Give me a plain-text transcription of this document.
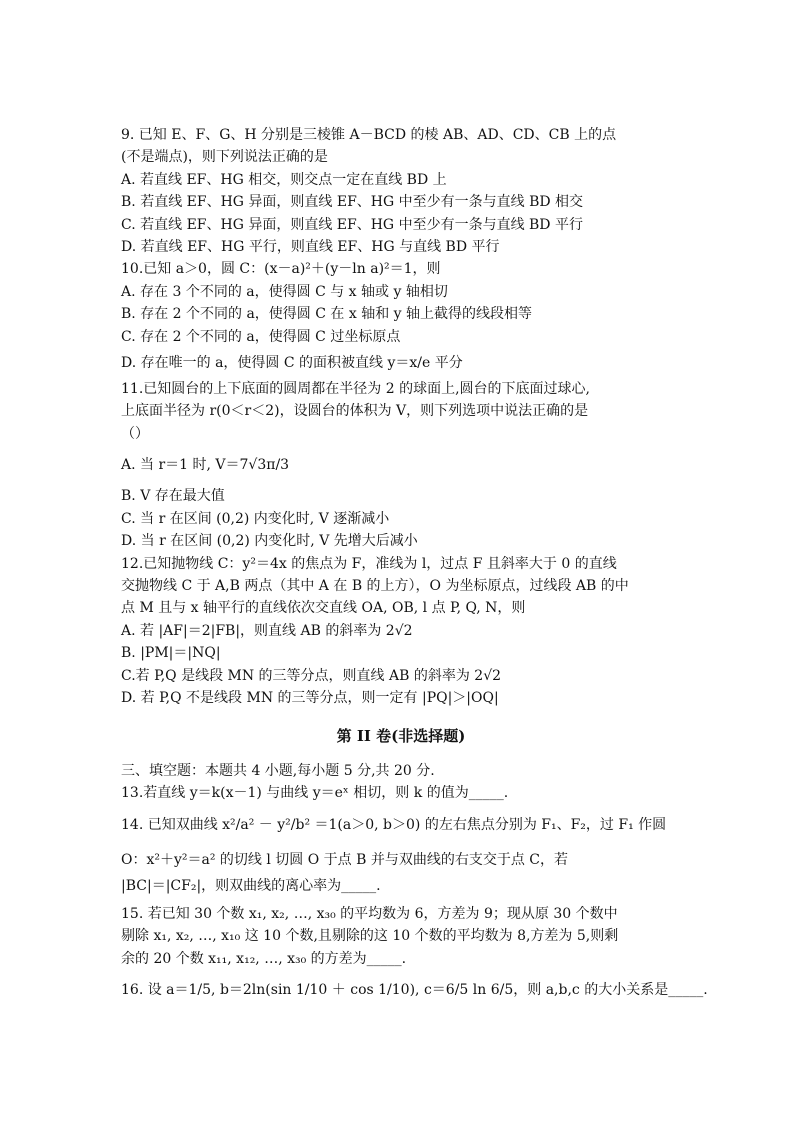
9. 已知 E、F、G、H 分别是三棱锥 A－BCD 的棱 AB、AD、CD、CB 上的点
(不是端点)，则下列说法正确的是
A. 若直线 EF、HG 相交，则交点一定在直线 BD 上
B. 若直线 EF、HG 异面，则直线 EF、HG 中至少有一条与直线 BD 相交
C. 若直线 EF、HG 异面，则直线 EF、HG 中至少有一条与直线 BD 平行
D. 若直线 EF、HG 平行，则直线 EF、HG 与直线 BD 平行
10.已知 a＞0，圆 C：(x－a)²＋(y－ln a)²＝1，则
A. 存在 3 个不同的 a，使得圆 C 与 x 轴或 y 轴相切
B. 存在 2 个不同的 a，使得圆 C 在 x 轴和 y 轴上截得的线段相等
C. 存在 2 个不同的 a，使得圆 C 过坐标原点
D. 存在唯一的 a，使得圆 C 的面积被直线 y＝x/e 平分
11.已知圆台的上下底面的圆周都在半径为 2 的球面上,圆台的下底面过球心,
上底面半径为 r(0＜r＜2)，设圆台的体积为 V，则下列选项中说法正确的是
（）
A. 当 r＝1 时, V＝7√3π/3
B. V 存在最大值
C. 当 r 在区间 (0,2) 内变化时, V 逐渐减小
D. 当 r 在区间 (0,2) 内变化时, V 先增大后减小
12.已知抛物线 C：y²＝4x 的焦点为 F，准线为 l，过点 F 且斜率大于 0 的直线
交抛物线 C 于 A,B 两点（其中 A 在 B 的上方），O 为坐标原点，过线段 AB 的中
点 M 且与 x 轴平行的直线依次交直线 OA, OB, l 点 P, Q, N，则
A. 若 |AF|＝2|FB|，则直线 AB 的斜率为 2√2
B. |PM|＝|NQ|
C.若 P,Q 是线段 MN 的三等分点，则直线 AB 的斜率为 2√2
D. 若 P,Q 不是线段 MN 的三等分点，则一定有 |PQ|＞|OQ|
第 II 卷(非选择题)
三、填空题：本题共 4 小题,每小题 5 分,共 20 分.
13.若直线 y＝k(x－1) 与曲线 y＝eˣ 相切，则 k 的值为_____.
14. 已知双曲线 x²/a² － y²/b² ＝1(a＞0, b＞0) 的左右焦点分别为 F₁、F₂，过 F₁ 作圆
O：x²＋y²＝a² 的切线 l 切圆 O 于点 B 并与双曲线的右支交于点 C，若
|BC|＝|CF₂|，则双曲线的离心率为_____.
15. 若已知 30 个数 x₁, x₂, …, x₃₀ 的平均数为 6，方差为 9；现从原 30 个数中
剔除 x₁, x₂, …, x₁₀ 这 10 个数,且剔除的这 10 个数的平均数为 8,方差为 5,则剩
余的 20 个数 x₁₁, x₁₂, …, x₃₀ 的方差为_____.
16. 设 a＝1/5, b＝2ln(sin 1/10 ＋ cos 1/10), c＝6/5 ln 6/5，则 a,b,c 的大小关系是_____.
